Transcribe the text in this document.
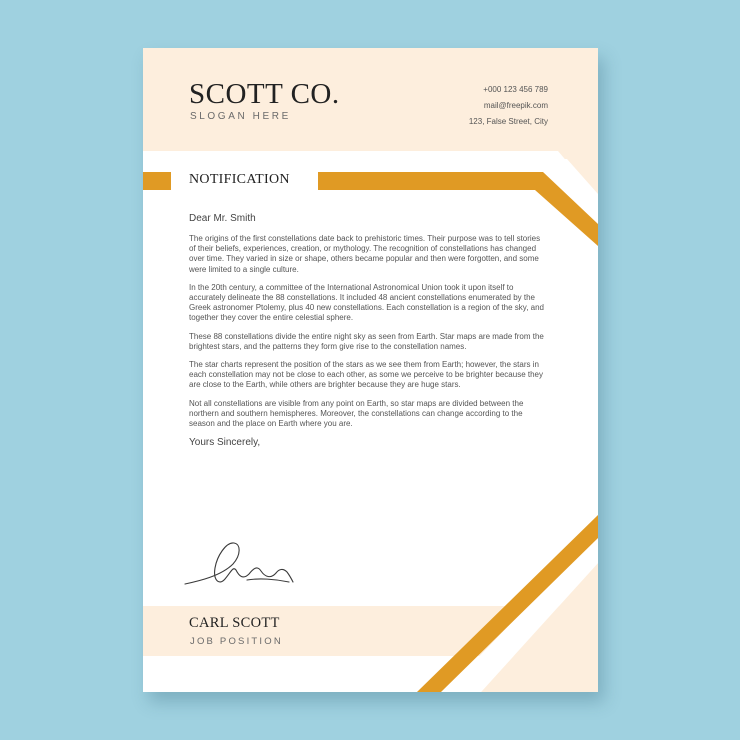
SCOTT CO.
SLOGAN HERE
+000 123 456 789
mail@freepik.com
123, False Street, City
NOTIFICATION

Dear Mr. Smith

The origins of the first constellations date back to prehistoric times. Their purpose was to tell stories of their beliefs, experiences, creation, or mythology. The recognition of constellations has changed over time. They varied in size or shape, others became popular and then were forgotten, and some were limited to a single culture.

In the 20th century, a committee of the International Astronomical Union took it upon itself to accurately delineate the 88 constellations. It included 48 ancient constellations enumerated by the Greek astronomer Ptolemy, plus 40 new constellations. Each constellation is a region of the sky, and together they cover the entire celestial sphere.

These 88 constellations divide the entire night sky as seen from Earth. Star maps are made from the brightest stars, and the patterns they form give rise to the constellation names.

The star charts represent the position of the stars as we see them from Earth; however, the stars in each constellation may not be close to each other, as some we perceive to be brighter because they are close to the Earth, while others are brighter because they are huge stars.

Not all constellations are visible from any point on Earth, so star maps are divided between the northern and southern hemispheres. Moreover, the constellations can change according to the season and the place on Earth where you are.

Yours Sincerely,

CARL SCOTT
JOB POSITION
